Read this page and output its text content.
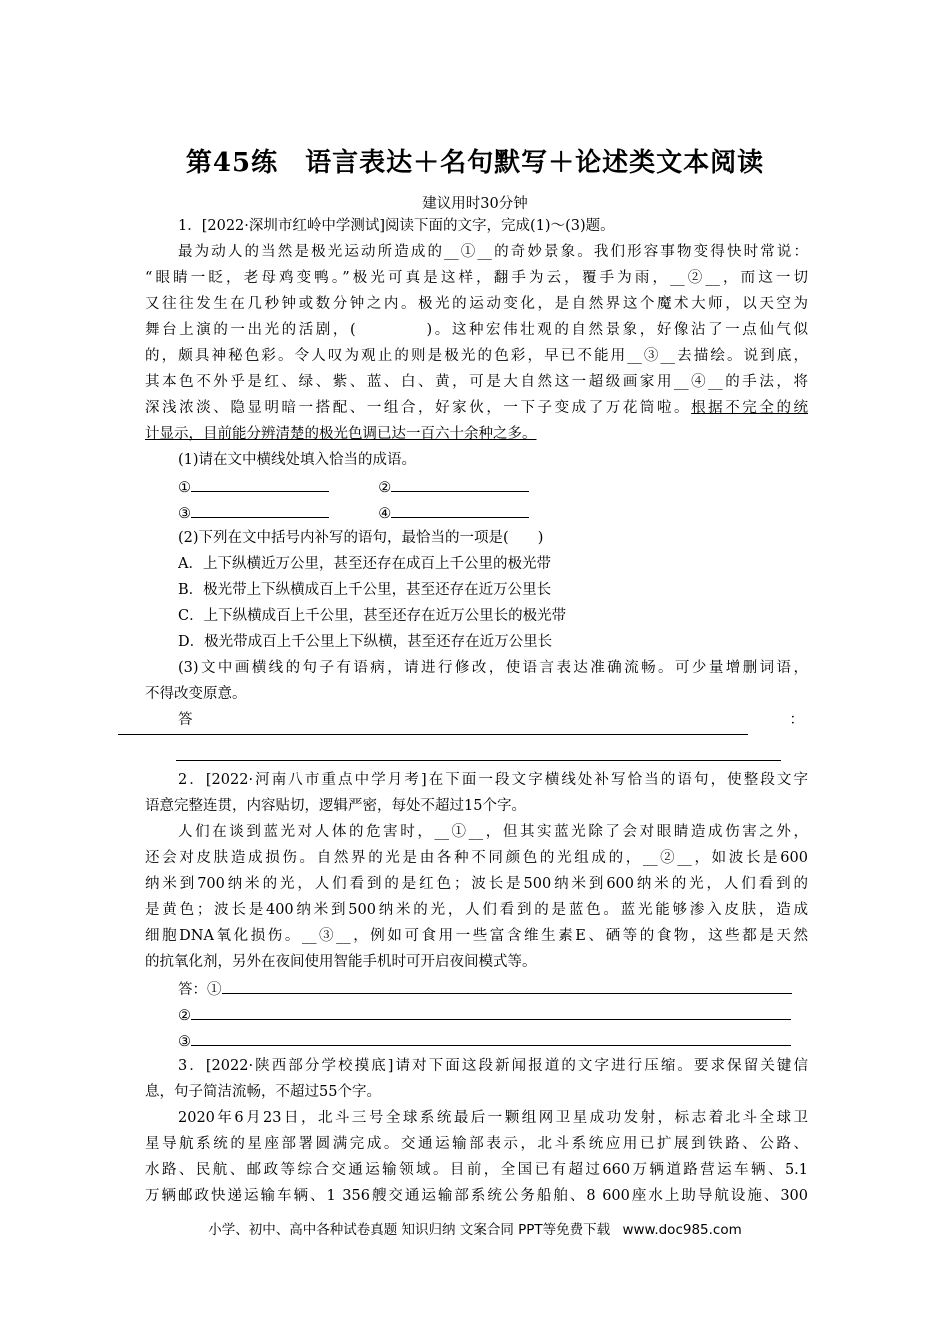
第45练　语言表达＋名句默写＋论述类文本阅读
建议用时30分钟
1．[2022·深圳市红岭中学测试]阅读下面的文字，完成(1)～(3)题。
最为动人的当然是极光运动所造成的__①__的奇妙景象。我们形容事物变得快时常说：
“眼睛一眨，老母鸡变鸭。”极光可真是这样，翻手为云，覆手为雨，__②__，而这一切
又往往发生在几秒钟或数分钟之内。极光的运动变化，是自然界这个魔术大师，以天空为
舞台上演的一出光的活剧，(　　　　)。这种宏伟壮观的自然景象，好像沾了一点仙气似
的，颇具神秘色彩。令人叹为观止的则是极光的色彩，早已不能用__③__去描绘。说到底，
其本色不外乎是红、绿、紫、蓝、白、黄，可是大自然这一超级画家用__④__的手法，将
深浅浓淡、隐显明暗一搭配、一组合，好家伙，一下子变成了万花筒啦。根据不完全的统
计显示，目前能分辨清楚的极光色调已达一百六十余种之多。
(1)请在文中横线处填入恰当的成语。
①	②
③	④
(2)下列在文中括号内补写的语句，最恰当的一项是(　　)
A．上下纵横近万公里，甚至还存在成百上千公里的极光带
B．极光带上下纵横成百上千公里，甚至还存在近万公里长
C．上下纵横成百上千公里，甚至还存在近万公里长的极光带
D．极光带成百上千公里上下纵横，甚至还存在近万公里长
(3)文中画横线的句子有语病，请进行修改，使语言表达准确流畅。可少量增删词语，
不得改变原意。
答	：
2．[2022·河南八市重点中学月考]在下面一段文字横线处补写恰当的语句，使整段文字
语意完整连贯，内容贴切，逻辑严密，每处不超过15个字。
人们在谈到蓝光对人体的危害时，__①__，但其实蓝光除了会对眼睛造成伤害之外，
还会对皮肤造成损伤。自然界的光是由各种不同颜色的光组成的，__②__，如波长是600
纳米到700纳米的光，人们看到的是红色；波长是500纳米到600纳米的光，人们看到的
是黄色；波长是400纳米到500纳米的光，人们看到的是蓝色。蓝光能够渗入皮肤，造成
细胞DNA氧化损伤。__③__，例如可食用一些富含维生素E、硒等的食物，这些都是天然
的抗氧化剂，另外在夜间使用智能手机时可开启夜间模式等。
答：①
②
③
3．[2022·陕西部分学校摸底]请对下面这段新闻报道的文字进行压缩。要求保留关键信
息，句子简洁流畅，不超过55个字。
2020年6月23日，北斗三号全球系统最后一颗组网卫星成功发射，标志着北斗全球卫
星导航系统的星座部署圆满完成。交通运输部表示，北斗系统应用已扩展到铁路、公路、
小学、初中、高中各种试卷真题 知识归纳 文案合同 PPT等免费下载 www.doc985.com
水路、民航、邮政等综合交通运输领域。目前，全国已有超过660万辆道路营运车辆、5.1
万辆邮政快递运输车辆、1 356艘交通运输部系统公务船舶、8 600座水上助导航设施、300
